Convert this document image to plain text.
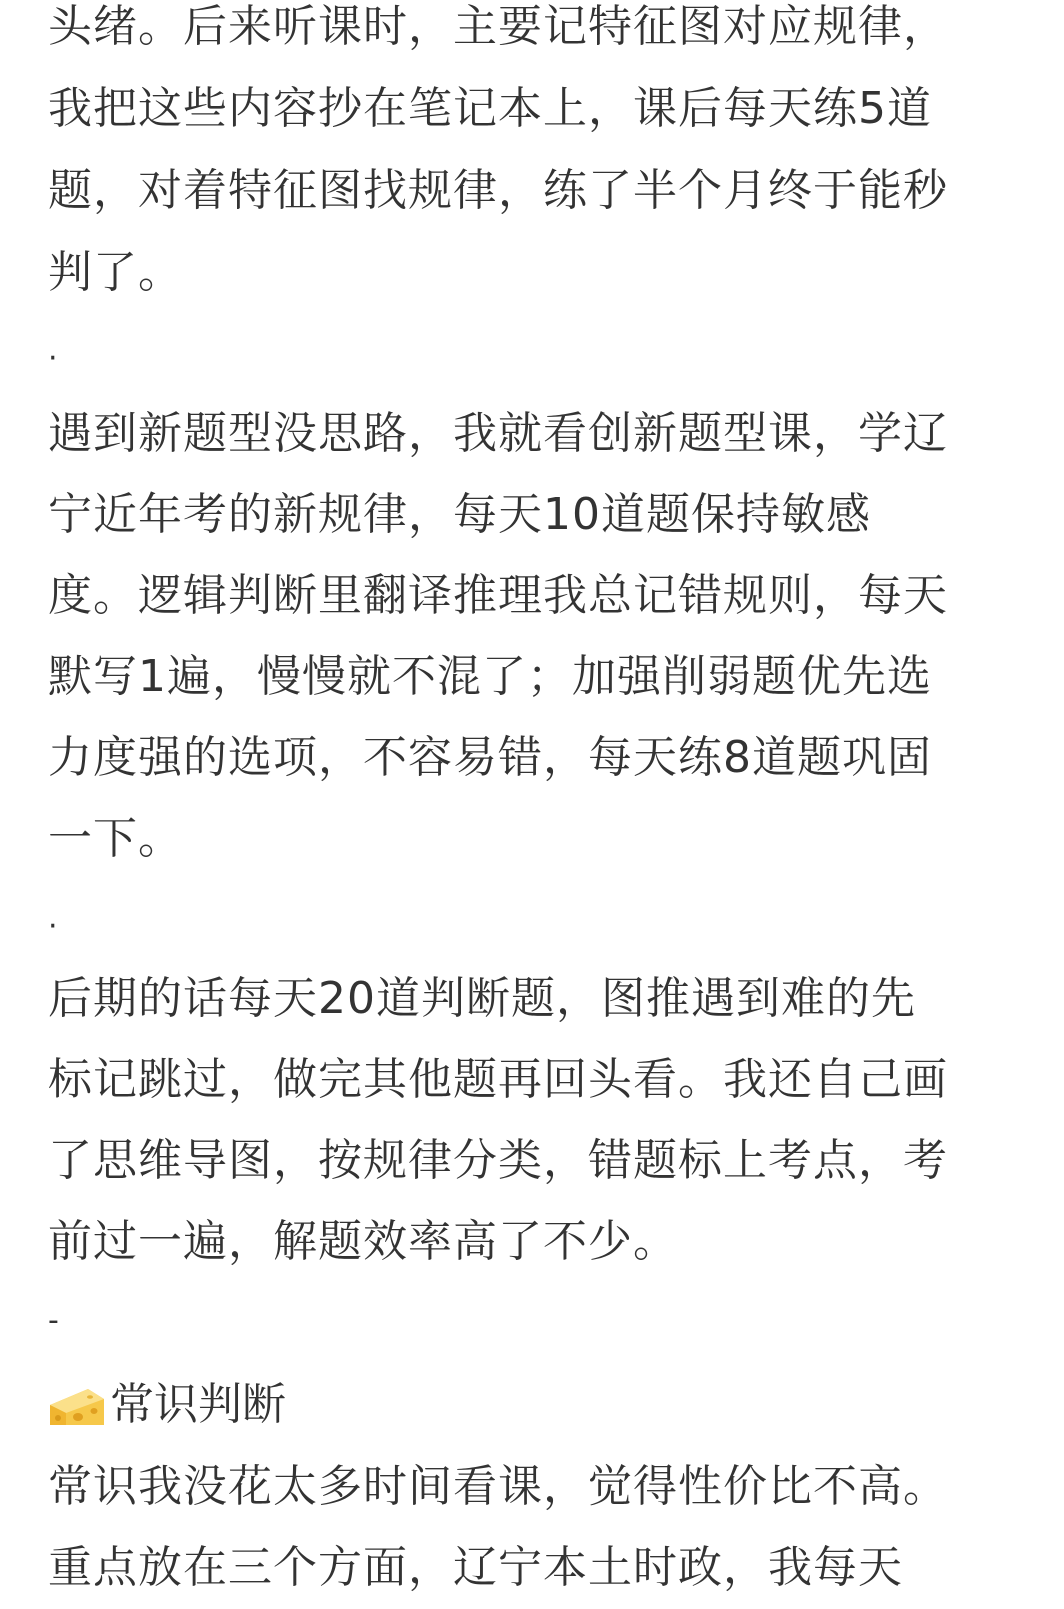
头绪。后来听课时，主要记特征图对应规律，
我把这些内容抄在笔记本上，课后每天练5道
题，对着特征图找规律，练了半个月终于能秒
判了。
·
遇到新题型没思路，我就看创新题型课，学辽
宁近年考的新规律，每天10道题保持敏感
度。逻辑判断里翻译推理我总记错规则，每天
默写1遍，慢慢就不混了；加强削弱题优先选
力度强的选项，不容易错，每天练8道题巩固
一下。
·
后期的话每天20道判断题，图推遇到难的先
标记跳过，做完其他题再回头看。我还自己画
了思维导图，按规律分类，错题标上考点，考
前过一遍，解题效率高了不少。
-
常识判断
常识我没花太多时间看课，觉得性价比不高。
重点放在三个方面，辽宁本土时政，我每天
